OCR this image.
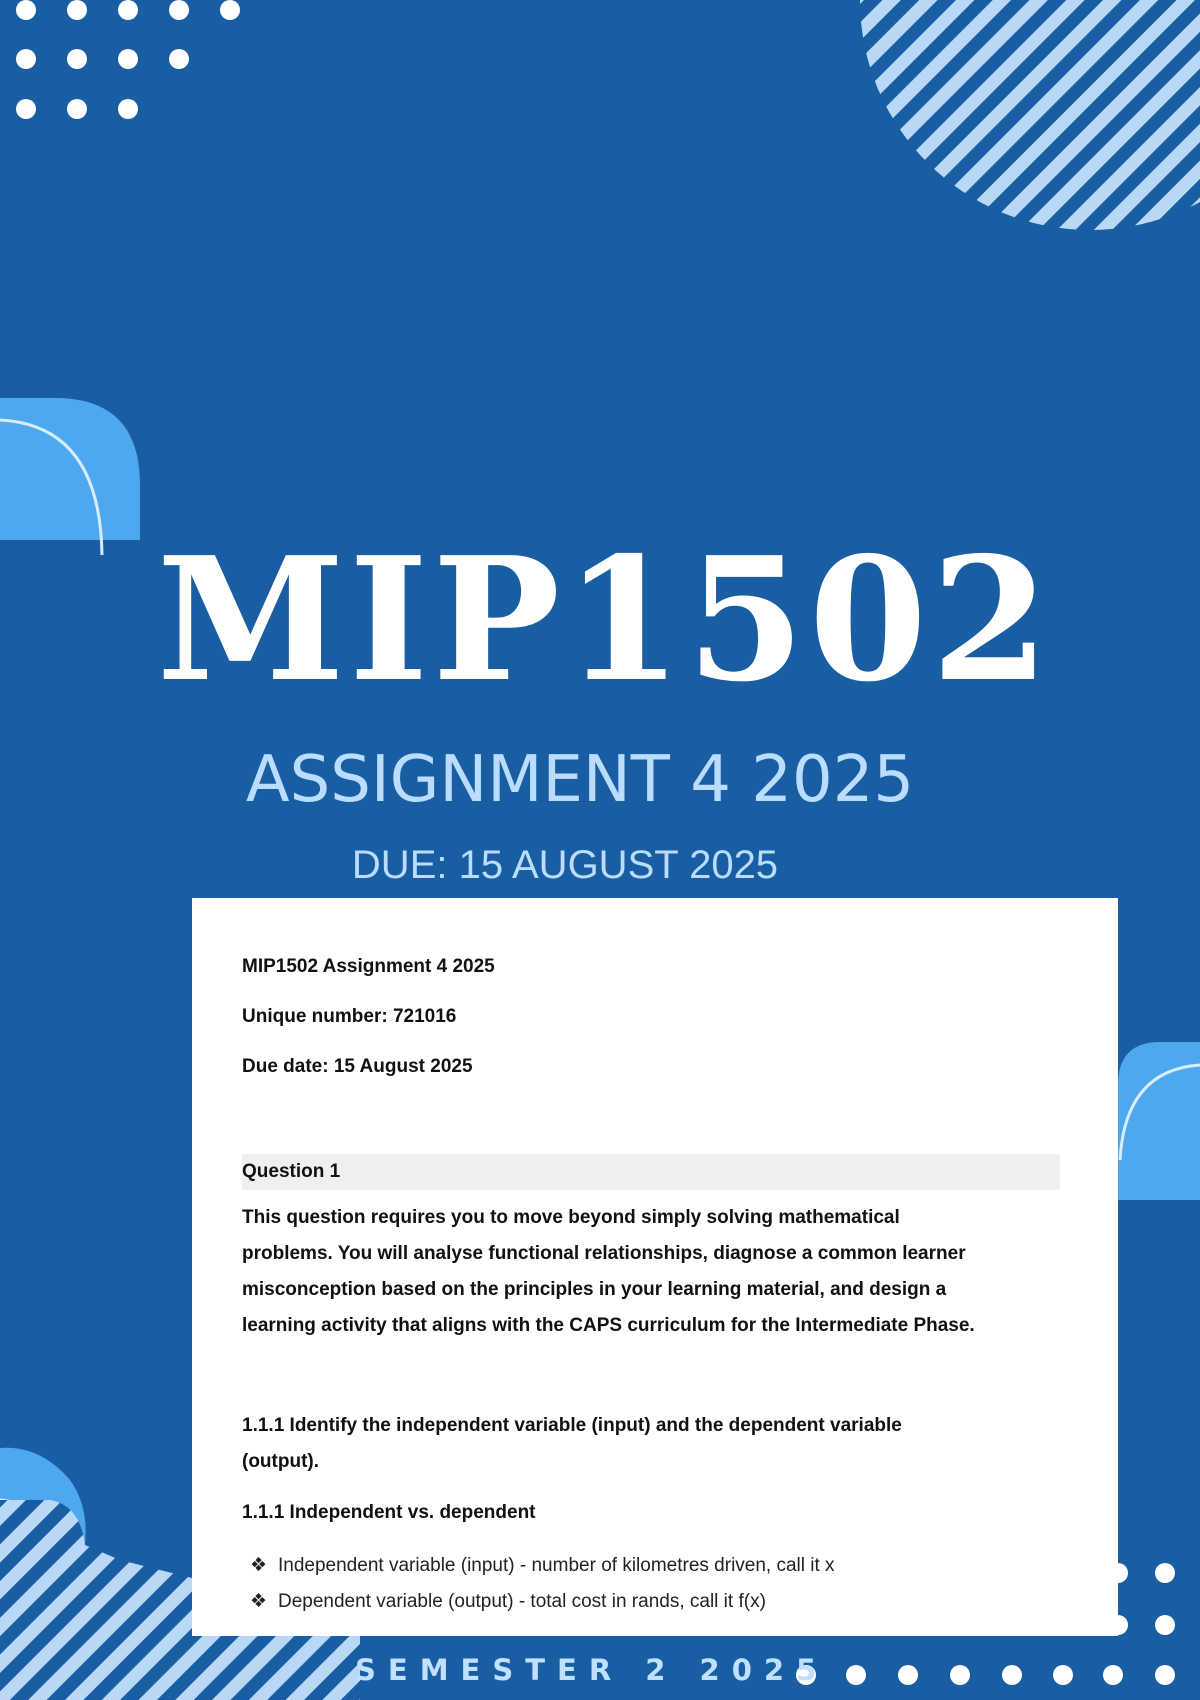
MIP1502
ASSIGNMENT 4 2025
DUE: 15 AUGUST 2025
MIP1502 Assignment 4 2025
Unique number: 721016
Due date: 15 August 2025
Question 1
This question requires you to move beyond simply solving mathematical
problems. You will analyse functional relationships, diagnose a common learner
misconception based on the principles in your learning material, and design a
learning activity that aligns with the CAPS curriculum for the Intermediate Phase.
1.1.1 Identify the independent variable (input) and the dependent variable
(output).
1.1.1 Independent vs. dependent
❖ Independent variable (input) - number of kilometres driven, call it x
❖ Dependent variable (output) - total cost in rands, call it f(x)
SEMESTER 2 2025
